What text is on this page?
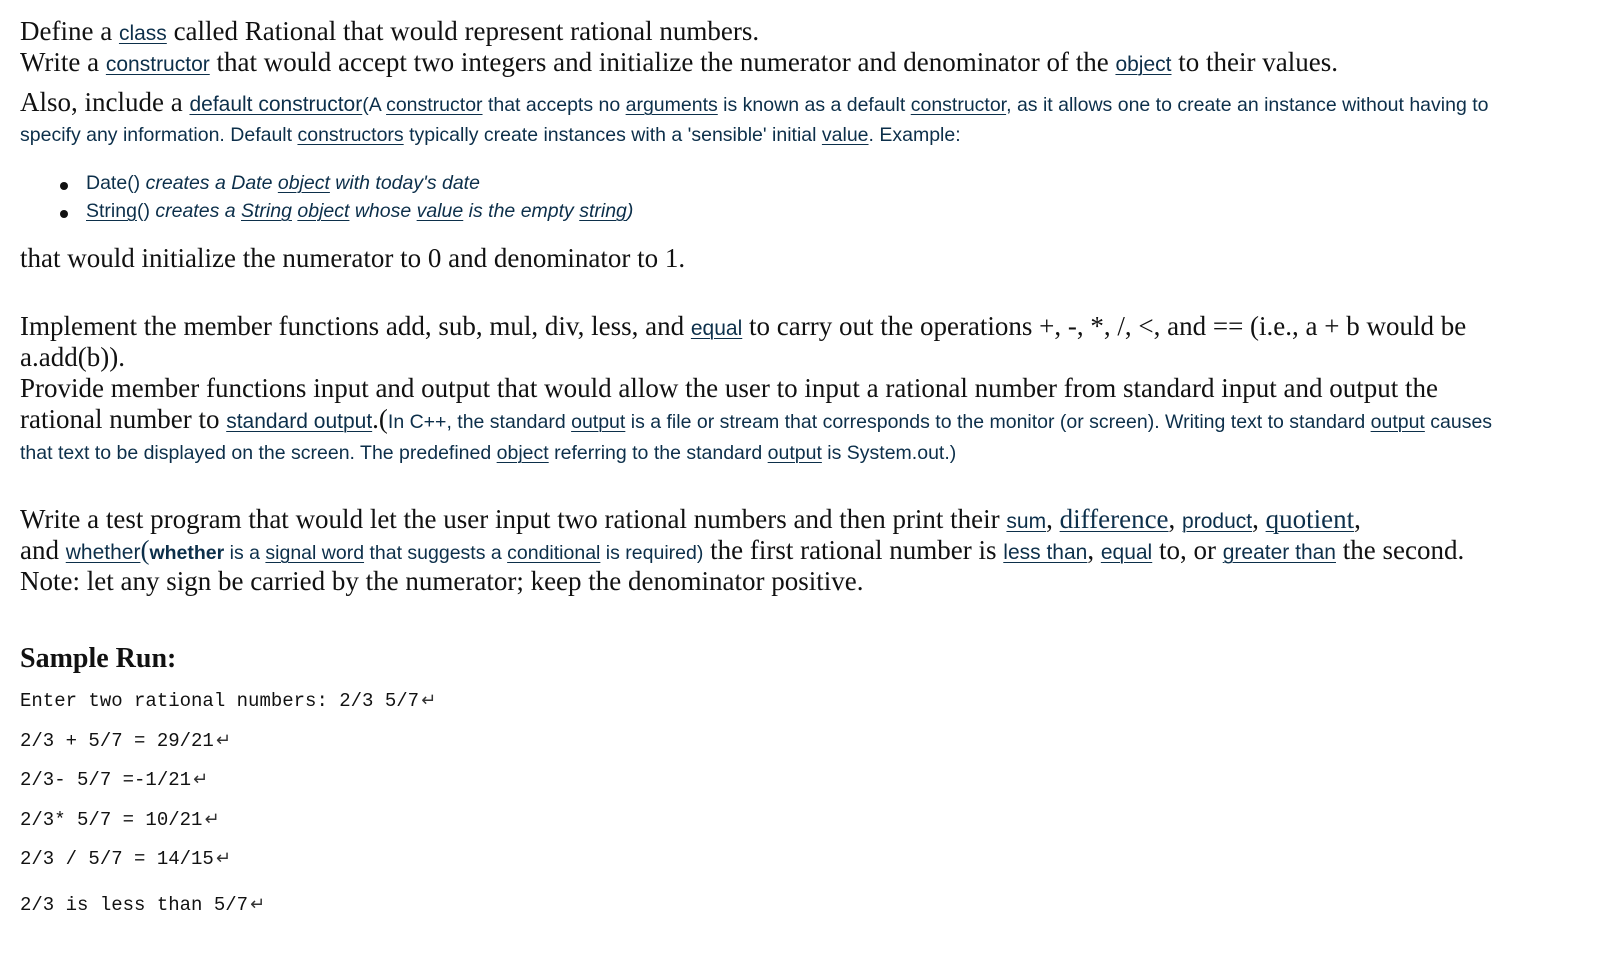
Define a class called Rational that would represent rational numbers.
Write a constructor that would accept two integers and initialize the numerator and denominator of the object to their values.
Also, include a default constructor(A constructor that accepts no arguments is known as a default constructor, as it allows one to create an instance without having to
specify any information. Default constructors typically create instances with a 'sensible' initial value. Example:
Date() creates a Date object with today's date
String() creates a String object whose value is the empty string)
that would initialize the numerator to 0 and denominator to 1.
Implement the member functions add, sub, mul, div, less, and equal to carry out the operations +, -, *, /, <, and == (i.e., a + b would be
a.add(b)).
Provide member functions input and output that would allow the user to input a rational number from standard input and output the
rational number to standard output.(In C++, the standard output is a file or stream that corresponds to the monitor (or screen). Writing text to standard output causes
that text to be displayed on the screen. The predefined object referring to the standard output is System.out.)
Write a test program that would let the user input two rational numbers and then print their sum, difference, product, quotient,
and whether(whether is a signal word that suggests a conditional is required) the first rational number is less than, equal to, or greater than the second.
Note: let any sign be carried by the numerator; keep the denominator positive.
Sample Run:
Enter two rational numbers: 2/3 5/7 ↵
2/3 + 5/7 = 29/21 ↵
2/3- 5/7 =-1/21 ↵
2/3* 5/7 = 10/21 ↵
2/3 / 5/7 = 14/15 ↵
2/3 is less than 5/7 ↵
